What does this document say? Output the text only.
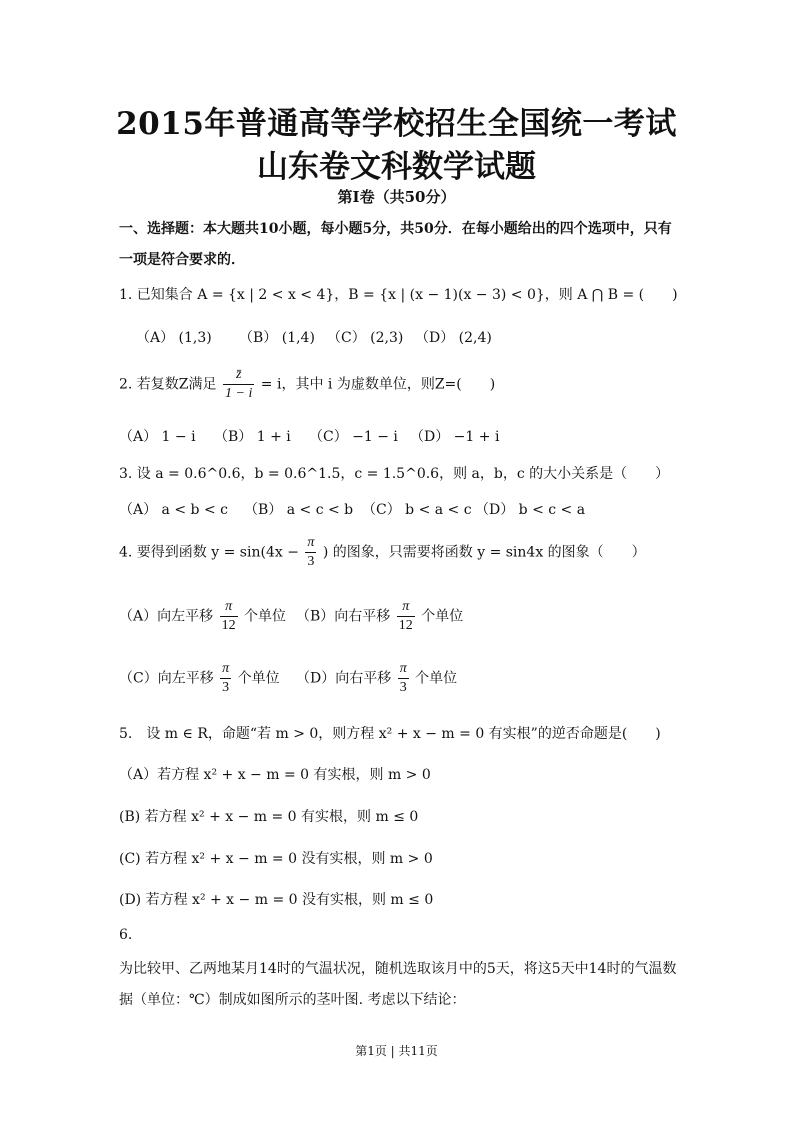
2015年普通高等学校招生全国统一考试
山东卷文科数学试题
第Ⅰ卷（共50分）
一、选择题：本大题共10小题，每小题5分，共50分．在每小题给出的四个选项中，只有
一项是符合要求的．
1. 已知集合 A = {x | 2 < x < 4}，B = {x | (x − 1)(x − 3) < 0}，则 A ⋂ B = (　　)
（A） (1,3) （B） (1,4) （C） (2,3) （D） (2,4)
2. 若复数Z满足 $\frac{z̄}{1 - i} = i$，其中 i 为虚数单位，则Z=(　　)
（A） 1 − i （B） 1 + i （C） −1 − i （D） −1 + i
3. 设 a = 0.6^0.6，b = 0.6^1.5，c = 1.5^0.6，则 a，b，c 的大小关系是（　　）
（A） a < b < c （B） a < c < b （C） b < a < c （D） b < c < a
4. 要得到函数 $y = \sin(4x - \frac{\pi}{3}$ ) 的图象，只需要将函数 y = sin4x 的图象（　　）
（A）向左平移 $\frac{\pi}{12}$ 个单位 （B）向右平移 $\frac{\pi}{12}$ 个单位
（C）向左平移 $\frac{\pi}{3}$ 个单位 （D）向右平移 $\frac{\pi}{3}$ 个单位
5.　设 m ∈ R，命题“若 m > 0，则方程 x² + x − m = 0 有实根”的逆否命题是(　　)
（A）若方程 x² + x − m = 0 有实根，则 m > 0
(B) 若方程 x² + x − m = 0 有实根，则 m ≤ 0
(C) 若方程 x² + x − m = 0 没有实根，则 m > 0
(D) 若方程 x² + x − m = 0 没有实根，则 m ≤ 0
6.
为比较甲、乙两地某月14时的气温状况，随机选取该月中的5天，将这5天中14时的气温数
据（单位：℃）制成如图所示的茎叶图. 考虑以下结论：
第1页 | 共11页
